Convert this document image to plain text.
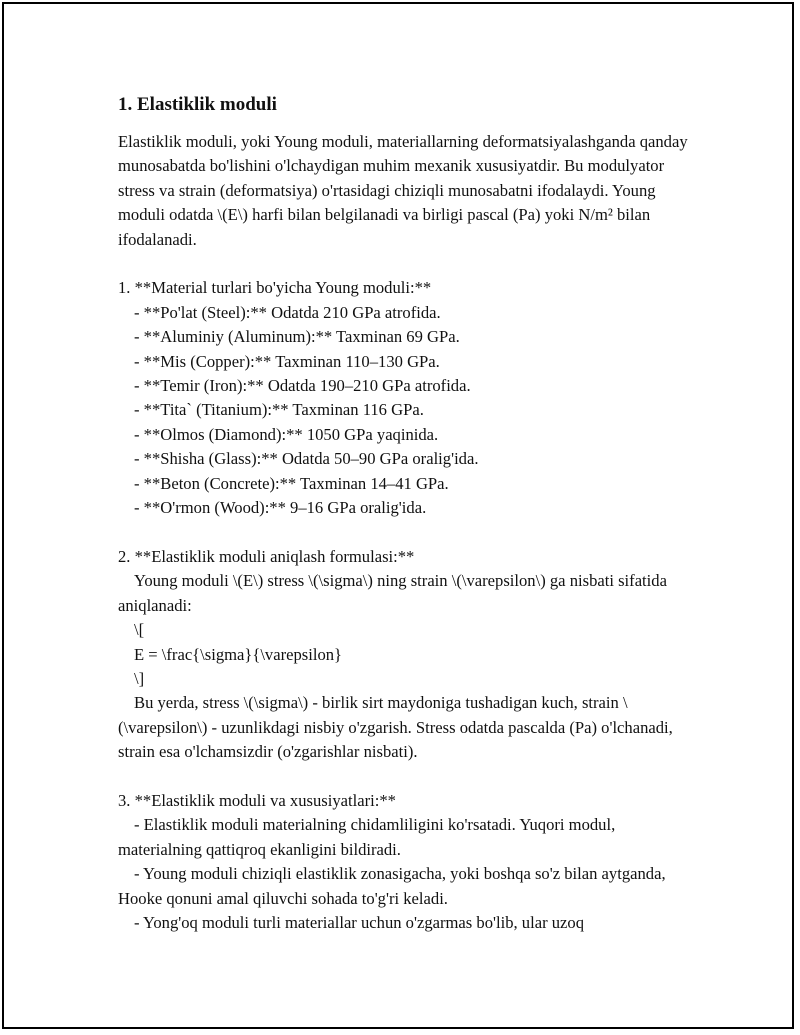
1. Elastiklik moduli

Elastiklik moduli, yoki Young moduli, materiallarning deformatsiyalashganda qanday munosabatda bo'lishini o'lchaydigan muhim mexanik xususiyatdir. Bu modulyator stress va strain (deformatsiya) o'rtasidagi chiziqli munosabatni ifodalaydi. Young moduli odatda \(E\) harfi bilan belgilanadi va birligi pascal (Pa) yoki N/m² bilan ifodalanadi.

1. **Material turlari bo'yicha Young moduli:**
- **Po'lat (Steel):** Odatda 210 GPa atrofida.
- **Aluminiy (Aluminum):** Taxminan 69 GPa.
- **Mis (Copper):** Taxminan 110–130 GPa.
- **Temir (Iron):** Odatda 190–210 GPa atrofida.
- **Tita` (Titanium):** Taxminan 116 GPa.
- **Olmos (Diamond):** 1050 GPa yaqinida.
- **Shisha (Glass):** Odatda 50–90 GPa oralig'ida.
- **Beton (Concrete):** Taxminan 14–41 GPa.
- **O'rmon (Wood):** 9–16 GPa oralig'ida.
2. **Elastiklik moduli aniqlash formulasi:**
Young moduli \(E\) stress \(\sigma\) ning strain \(\varepsilon\) ga nisbati sifatida aniqlanadi:
\[
E = \frac{\sigma}{\varepsilon}
\]
Bu yerda, stress \(\sigma\) - birlik sirt maydoniga tushadigan kuch, strain \(\varepsilon\) - uzunlikdagi nisbiy o'zgarish. Stress odatda pascalda (Pa) o'lchanadi, strain esa o'lchamsizdir (o'zgarishlar nisbati).
3. **Elastiklik moduli va xususiyatlari:**
- Elastiklik moduli materialning chidamliligini ko'rsatadi. Yuqori modul, materialning qattiqroq ekanligini bildiradi.
- Young moduli chiziqli elastiklik zonasigacha, yoki boshqa so'z bilan aytganda, Hooke qonuni amal qiluvchi sohada to'g'ri keladi.
- Yong'oq moduli turli materiallar uchun o'zgarmas bo'lib, ular uzoq
